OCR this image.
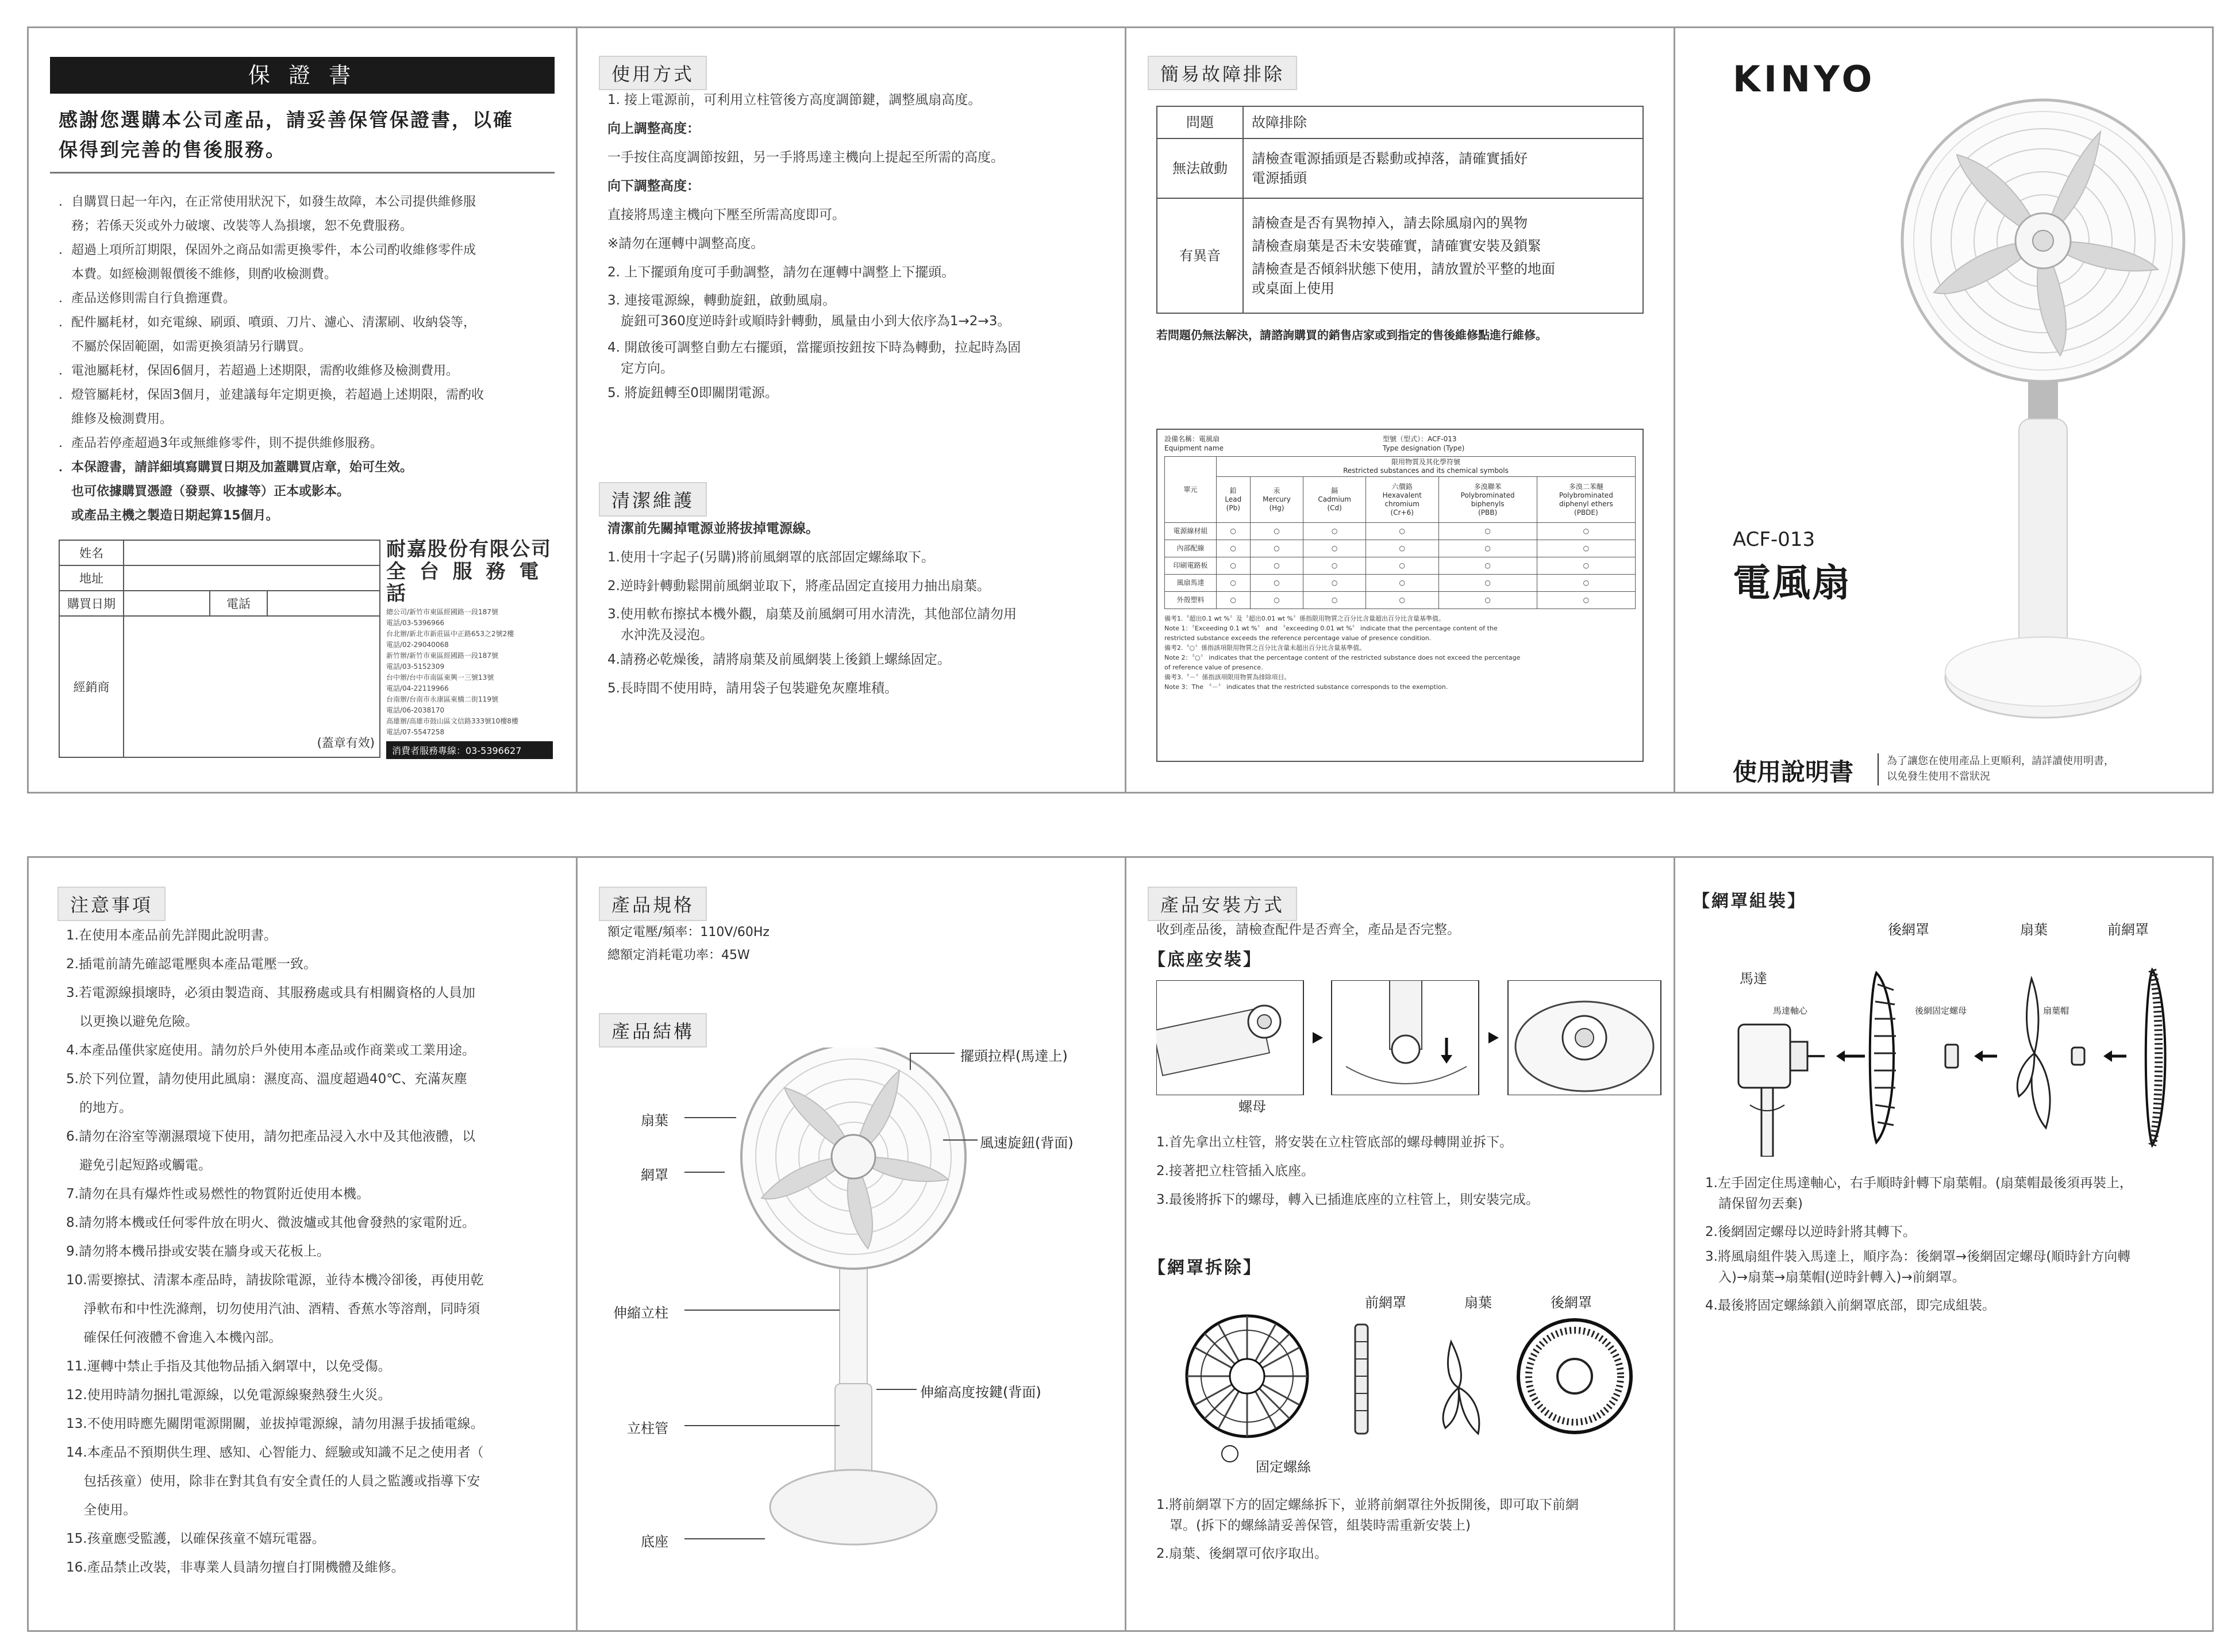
保 證 書
感謝您選購本公司產品，請妥善保管保證書，以確
保得到完善的售後服務。
．自購買日起一年內，在正常使用狀況下，如發生故障，本公司提供維修服
　務；若係天災或外力破壞、改裝等人為損壞，恕不免費服務。
．超過上項所訂期限，保固外之商品如需更換零件，本公司酌收維修零件成
　本費。如經檢測報價後不維修，則酌收檢測費。
．產品送修則需自行負擔運費。
．配件屬耗材，如充電線、刷頭、噴頭、刀片、濾心、清潔刷、收納袋等，
　不屬於保固範圍，如需更換須請另行購買。
．電池屬耗材，保固6個月，若超過上述期限，需酌收維修及檢測費用。
．燈管屬耗材，保固3個月，並建議每年定期更換，若超過上述期限，需酌收
　維修及檢測費用。
．產品若停產超過3年或無維修零件，則不提供維修服務。
．本保證書，請詳細填寫購買日期及加蓋購買店章，始可生效。
　也可依據購買憑證（發票、收據等）正本或影本。
　或產品主機之製造日期起算15個月。
姓名			
地址			
購買日期		電話	
經銷商	(蓋章有效)		
耐嘉股份有限公司
全 台 服 務 電 話
總公司/新竹市東區經國路一段187號
電話/03-5396966
台北辦/新北市新莊區中正路653之2號2樓
電話/02-29040068
新竹辦/新竹市東區經國路一段187號
電話/03-5152309
台中辦/台中市南區東興一三號13號
電話/04-22119966
台南辦/台南市永康區東橋二街119號
電話/06-2038170
高雄辦/高雄市鼓山區文信路333號10樓8樓
電話/07-5547258
消費者服務專線：03-5396627
使用方式
1. 接上電源前，可利用立柱管後方高度調節鍵，調整風扇高度。
向上調整高度：
一手按住高度調節按鈕，另一手將馬達主機向上提起至所需的高度。
向下調整高度：
直接將馬達主機向下壓至所需高度即可。
※請勿在運轉中調整高度。
2. 上下擺頭角度可手動調整，請勿在運轉中調整上下擺頭。
3. 連接電源線，轉動旋鈕，啟動風扇。
　旋鈕可360度逆時針或順時針轉動，風量由小到大依序為1→2→3。
4. 開啟後可調整自動左右擺頭，當擺頭按鈕按下時為轉動，拉起時為固
　定方向。
5. 將旋鈕轉至0即關閉電源。
清潔維護
清潔前先關掉電源並將拔掉電源線。
1.使用十字起子(另購)將前風網罩的底部固定螺絲取下。
2.逆時針轉動鬆開前風網並取下，將產品固定直接用力抽出扇葉。
3.使用軟布擦拭本機外觀，扇葉及前風網可用水清洗，其他部位請勿用
　水沖洗及浸泡。
4.請務必乾燥後，請將扇葉及前風網裝上後鎖上螺絲固定。
5.長時間不使用時，請用袋子包裝避免灰塵堆積。
簡易故障排除
問題	故障排除
無法啟動	請檢查電源插頭是否鬆動或掉落，請確實插好
電源插頭

有異音	請檢查是否有異物掉入，請去除風扇內的異物
請檢查扇葉是否未安裝確實，請確實安裝及鎖緊
請檢查是否傾斜狀態下使用，請放置於平整的地面
或桌面上使用
若問題仍無法解決，請諮詢購買的銷售店家或到指定的售後維修點進行維修。
設備名稱：電風扇
Equipment name
型號（型式）：ACF-013
Type designation (Type)
單元	限用物質及其化學符號
Restricted substances and its chemical symbols					

	鉛
Lead
(Pb)	汞
Mercury
(Hg)	鎘
Cadmium
(Cd)	六價鉻
Hexavalent
chromium
(Cr+6)	多溴聯苯
Polybrominated
biphenyls
(PBB)	多溴二苯醚
Polybrominated
diphenyl ethers
(PBDE)
電源線材組	○	○	○	○	○	○
內部配線	○	○	○	○	○	○
印刷電路板	○	○	○	○	○	○
風扇馬達	○	○	○	○	○	○
外殼塑料	○	○	○	○	○	○
備考1.〝超出0.1 wt %〞及〝超出0.01 wt %〞係指限用物質之百分比含量超出百分比含量基準值。
Note 1：〝Exceeding 0.1 wt %〞 and 〝exceeding 0.01 wt %〞 indicate that the percentage content of the
restricted substance exceeds the reference percentage value of presence condition.
備考2.〝○〞係指該項限用物質之百分比含量未超出百分比含量基準值。
Note 2：〝○〞 indicates that the percentage content of the restricted substance does not exceed the percentage
of reference value of presence.
備考3.〝－〞係指該項限用物質為排除項目。
Note 3：The 〝－〞 indicates that the restricted substance corresponds to the exemption.
KINYO
ACF-013
電風扇
使用說明書	為了讓您在使用產品上更順利，請詳讀使用明書，
以免發生使用不當狀況
注意事項
1.在使用本產品前先詳閱此說明書。
2.插電前請先確認電壓與本產品電壓一致。
3.若電源線損壞時，必須由製造商、其服務處或具有相關資格的人員加
　以更換以避免危險。
4.本產品僅供家庭使用。請勿於戶外使用本產品或作商業或工業用途。
5.於下列位置，請勿使用此風扇：濕度高、溫度超過40℃、充滿灰塵
　的地方。
6.請勿在浴室等潮濕環境下使用，請勿把產品浸入水中及其他液體，以
　避免引起短路或觸電。
7.請勿在具有爆炸性或易燃性的物質附近使用本機。
8.請勿將本機或任何零件放在明火、微波爐或其他會發熱的家電附近。
9.請勿將本機吊掛或安裝在牆身或天花板上。
10.需要擦拭、清潔本產品時，請拔除電源，並待本機冷卻後，再使用乾
　 淨軟布和中性洗滌劑，切勿使用汽油、酒精、香蕉水等溶劑，同時須
　 確保任何液體不會進入本機內部。
11.運轉中禁止手指及其他物品插入網罩中，以免受傷。
12.使用時請勿捆扎電源線，以免電源線聚熱發生火災。
13.不使用時應先關閉電源開關，並拔掉電源線，請勿用濕手拔插電線。
14.本產品不預期供生理、感知、心智能力、經驗或知識不足之使用者（
　 包括孩童）使用，除非在對其負有安全責任的人員之監護或指導下安
　 全使用。
15.孩童應受監護，以確保孩童不嬉玩電器。
16.產品禁止改裝，非專業人員請勿擅自打開機體及維修。
產品規格
額定電壓/頻率：110V/60Hz
總額定消耗電功率：45W
產品結構
擺頭拉桿(馬達上)
扇葉
網罩
風速旋鈕(背面)
伸縮立柱
伸縮高度按鍵(背面)
立柱管
底座
產品安裝方式
收到產品後，請檢查配件是否齊全，產品是否完整。
【底座安裝】
螺母
1.首先拿出立柱管，將安裝在立柱管底部的螺母轉開並拆下。
2.接著把立柱管插入底座。
3.最後將拆下的螺母，轉入已插進底座的立柱管上，則安裝完成。
【網罩拆除】
前網罩	扇葉	後網罩
固定螺絲
1.將前網罩下方的固定螺絲拆下，並將前網罩往外扳開後，即可取下前網
　罩。(拆下的螺絲請妥善保管，組裝時需重新安裝上)
2.扇葉、後網罩可依序取出。
【網罩組裝】
後網罩	扇葉	前網罩
馬達
馬達軸心	後網固定螺母	扇葉帽
1.左手固定住馬達軸心，右手順時針轉下扇葉帽。(扇葉帽最後須再裝上，
　請保留勿丟棄)
2.後網固定螺母以逆時針將其轉下。
3.將風扇組件裝入馬達上，順序為：後網罩→後網固定螺母(順時針方向轉
　入)→扇葉→扇葉帽(逆時針轉入)→前網罩。
4.最後將固定螺絲鎖入前網罩底部，即完成組裝。
